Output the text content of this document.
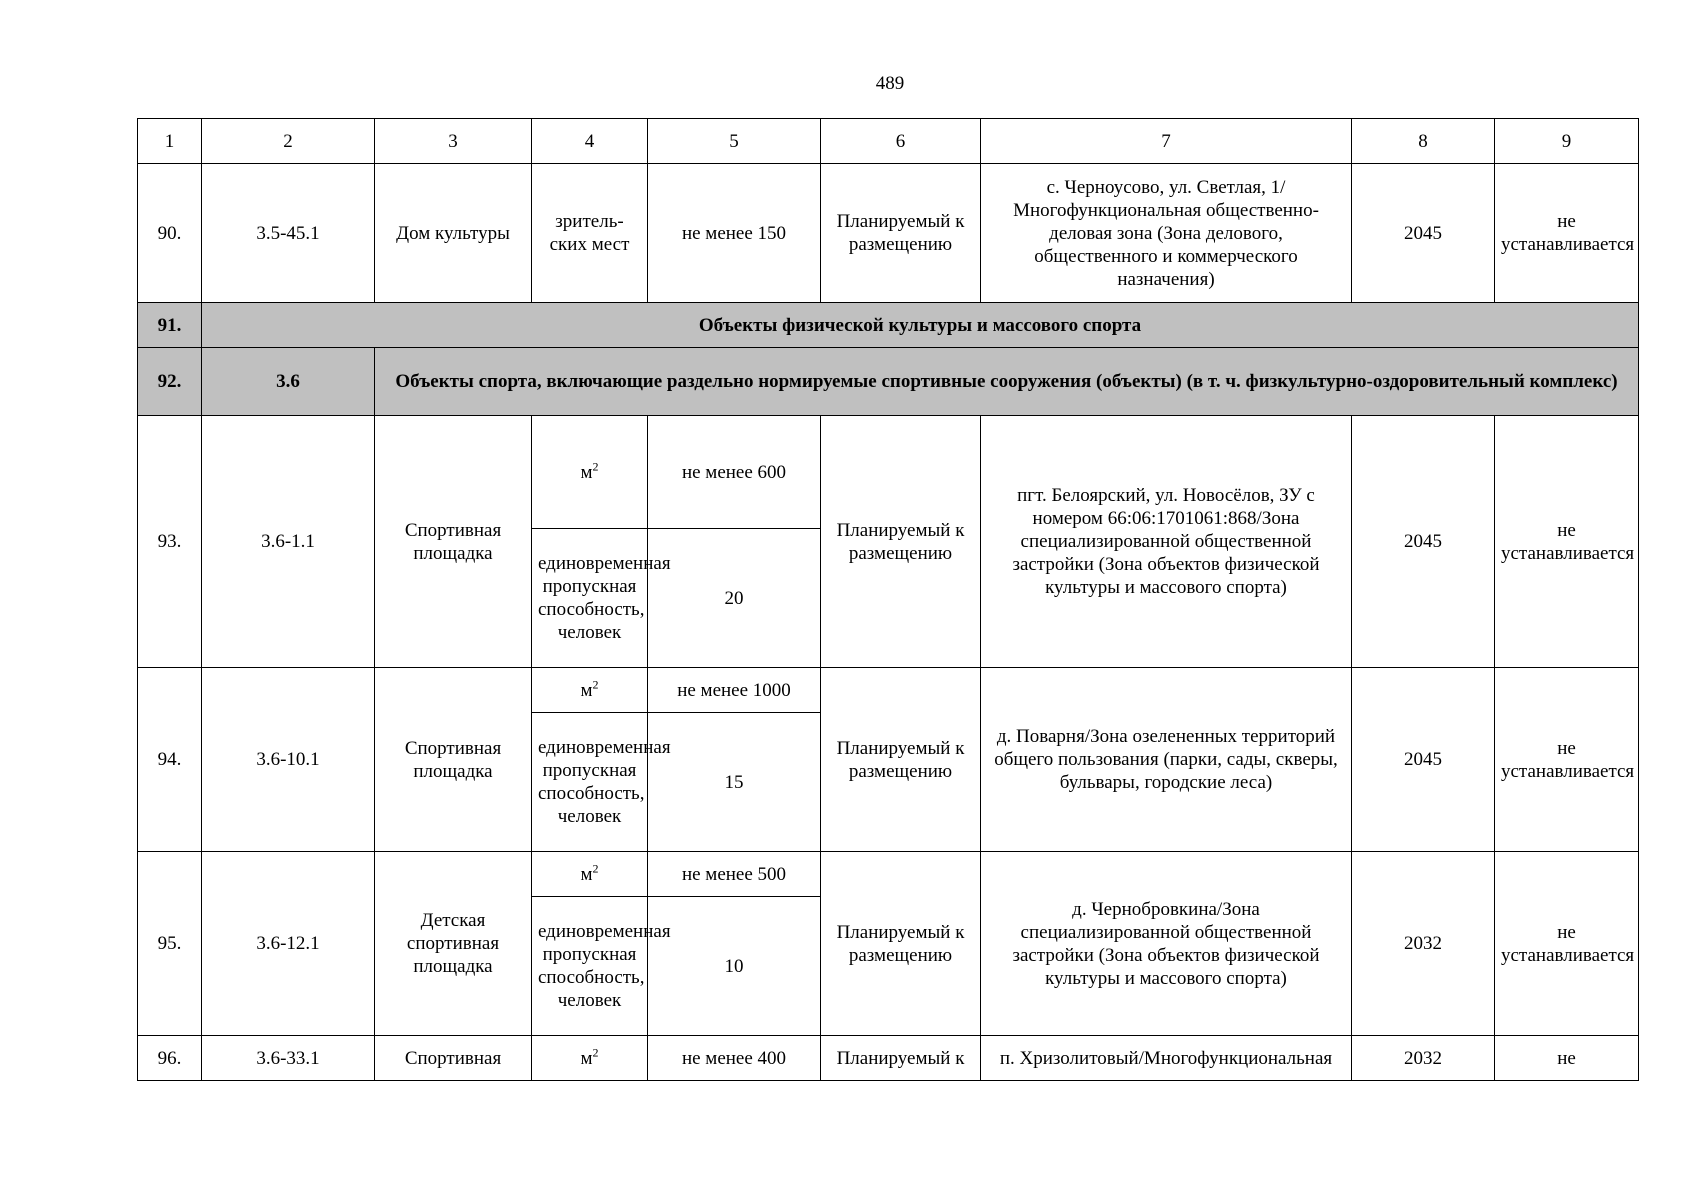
489
1	2	3	4	5	6	7	8	9
90.	3.5-45.1	Дом культуры	зритель-ских мест	не менее 150	Планируемый к размещению	с. Черноусово, ул. Светлая, 1/Многофункциональная общественно-деловая зона (Зона делового, общественного и коммерческого назначения)	2045	не устанавливается
91.	Объекты физической культуры и массового спорта							
92.	3.6	Объекты спорта, включающие раздельно нормируемые спортивные сооружения (объекты) (в т. ч. физкультурно-оздоровительный комплекс)						
93.	3.6-1.1	Спортивная площадка	$м^2$	не менее 600	Планируемый к размещению	пгт. Белоярский, ул. Новосёлов, ЗУ с номером 66:06:1701061:868/Зона специализированной общественной застройки (Зона объектов физической культуры и массового спорта)	2045	не устанавливается
			единовременная пропускная способность, человек	20				
94.	3.6-10.1	Спортивная площадка	$м^2$	не менее 1000	Планируемый к размещению	д. Поварня/Зона озелененных территорий общего пользования (парки, сады, скверы, бульвары, городские леса)	2045	не устанавливается
			единовременная пропускная способность, человек	15				
95.	3.6-12.1	Детская спортивная площадка	$м^2$	не менее 500	Планируемый к размещению	д. Чернобровкина/Зона специализированной общественной застройки (Зона объектов физической культуры и массового спорта)	2032	не устанавливается
			единовременная пропускная способность, человек	10				
96.	3.6-33.1	Спортивная	$м^2$	не менее 400	Планируемый к	п. Хризолитовый/Многофункциональная	2032	не
